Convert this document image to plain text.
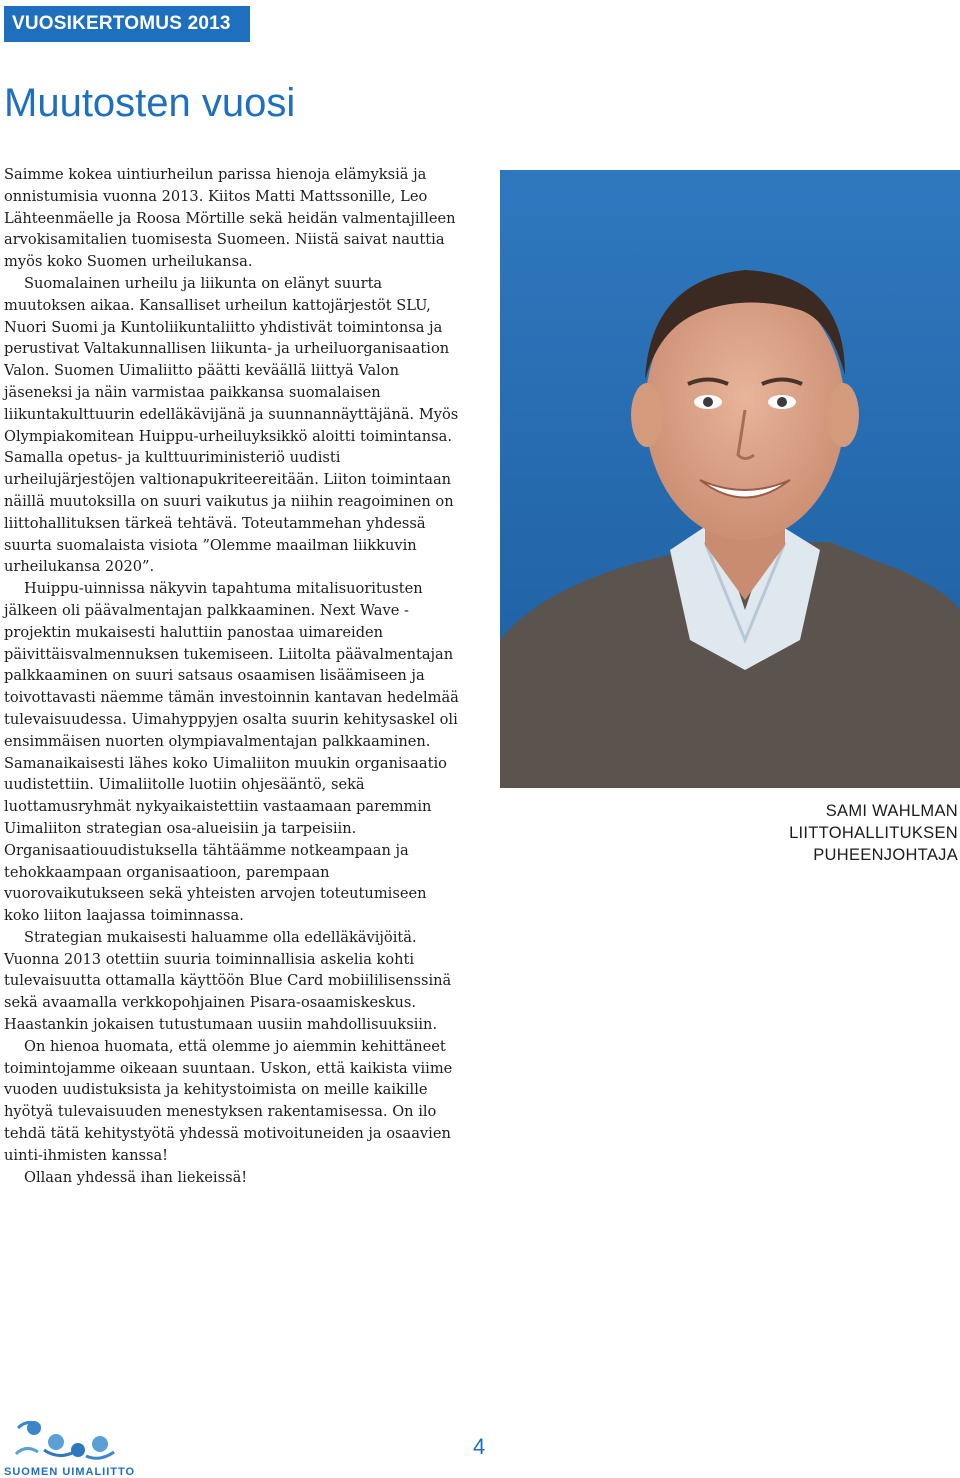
VUOSIKERTOMUS 2013
Muutosten vuosi

Saimme kokea uintiurheilun parissa hienoja elämyksiä ja onnistumisia vuonna 2013. Kiitos Matti Mattssonille, Leo Lähteenmäelle ja Roosa Mörtille sekä heidän valmentajilleen arvokisamitalien tuomisesta Suomeen. Niistä saivat nauttia myös koko Suomen urheilukansa.

Suomalainen urheilu ja liikunta on elänyt suurta muutoksen aikaa. Kansalliset urheilun kattojärjestöt SLU, Nuori Suomi ja Kuntoliikuntaliitto yhdistivät toimintonsa ja perustivat Valtakunnallisen liikunta- ja urheiluorganisaation Valon. Suomen Uimaliitto päätti keväällä liittyä Valon jäseneksi ja näin varmistaa paikkansa suomalaisen liikuntakulttuurin edelläkävijänä ja suunnannäyttäjänä. Myös Olympiakomitean Huippu-urheiluyksikkö aloitti toimintansa. Samalla opetus- ja kulttuuriministeriö uudisti urheilujärjestöjen valtionapukriteereitään. Liiton toimintaan näillä muutoksilla on suuri vaikutus ja niihin reagoiminen on liittohallituksen tärkeä tehtävä. Toteutammehan yhdessä suurta suomalaista visiota ”Olemme maailman liikkuvin urheilukansa 2020”.

Huippu-uinnissa näkyvin tapahtuma mitalisuoritusten jälkeen oli päävalmentajan palkkaaminen. Next Wave -projektin mukaisesti haluttiin panostaa uimareiden päivittäisvalmennuksen tukemiseen. Liitolta päävalmentajan palkkaaminen on suuri satsaus osaamisen lisäämiseen ja toivottavasti näemme tämän investoinnin kantavan hedelmää tulevaisuudessa. Uimahyppyjen osalta suurin kehitysaskel oli ensimmäisen nuorten olympiavalmentajan palkkaaminen. Samanaikaisesti lähes koko Uimaliiton muukin organisaatio uudistettiin. Uimaliitolle luotiin ohjesääntö, sekä luottamusryhmät nykyaikaistettiin vastaamaan paremmin Uimaliiton strategian osa-alueisiin ja tarpeisiin. Organisaatiouudistuksella tähtäämme notkeampaan ja tehokkaampaan organisaatioon, parempaan vuorovaikutukseen sekä yhteisten arvojen toteutumiseen koko liiton laajassa toiminnassa.

Strategian mukaisesti haluamme olla edelläkävijöitä. Vuonna 2013 otettiin suuria toiminnallisia askelia kohti tulevaisuutta ottamalla käyttöön Blue Card mobiililisenssinä sekä avaamalla verkkopohjainen Pisara-osaamiskeskus. Haastankin jokaisen tutustumaan uusiin mahdollisuuksiin.

On hienoa huomata, että olemme jo aiemmin kehittäneet toimintojamme oikeaan suuntaan. Uskon, että kaikista viime vuoden uudistuksista ja kehitystoimista on meille kaikille hyötyä tulevaisuuden menestyksen rakentamisessa. On ilo tehdä tätä kehitystyötä yhdessä motivoituneiden ja osaavien uinti-ihmisten kanssa!

Ollaan yhdessä ihan liekeissä!

SAMI WAHLMAN
LIITTOHALLITUKSEN
PUHEENJOHTAJA
SUOMEN UIMALIITTO
4
